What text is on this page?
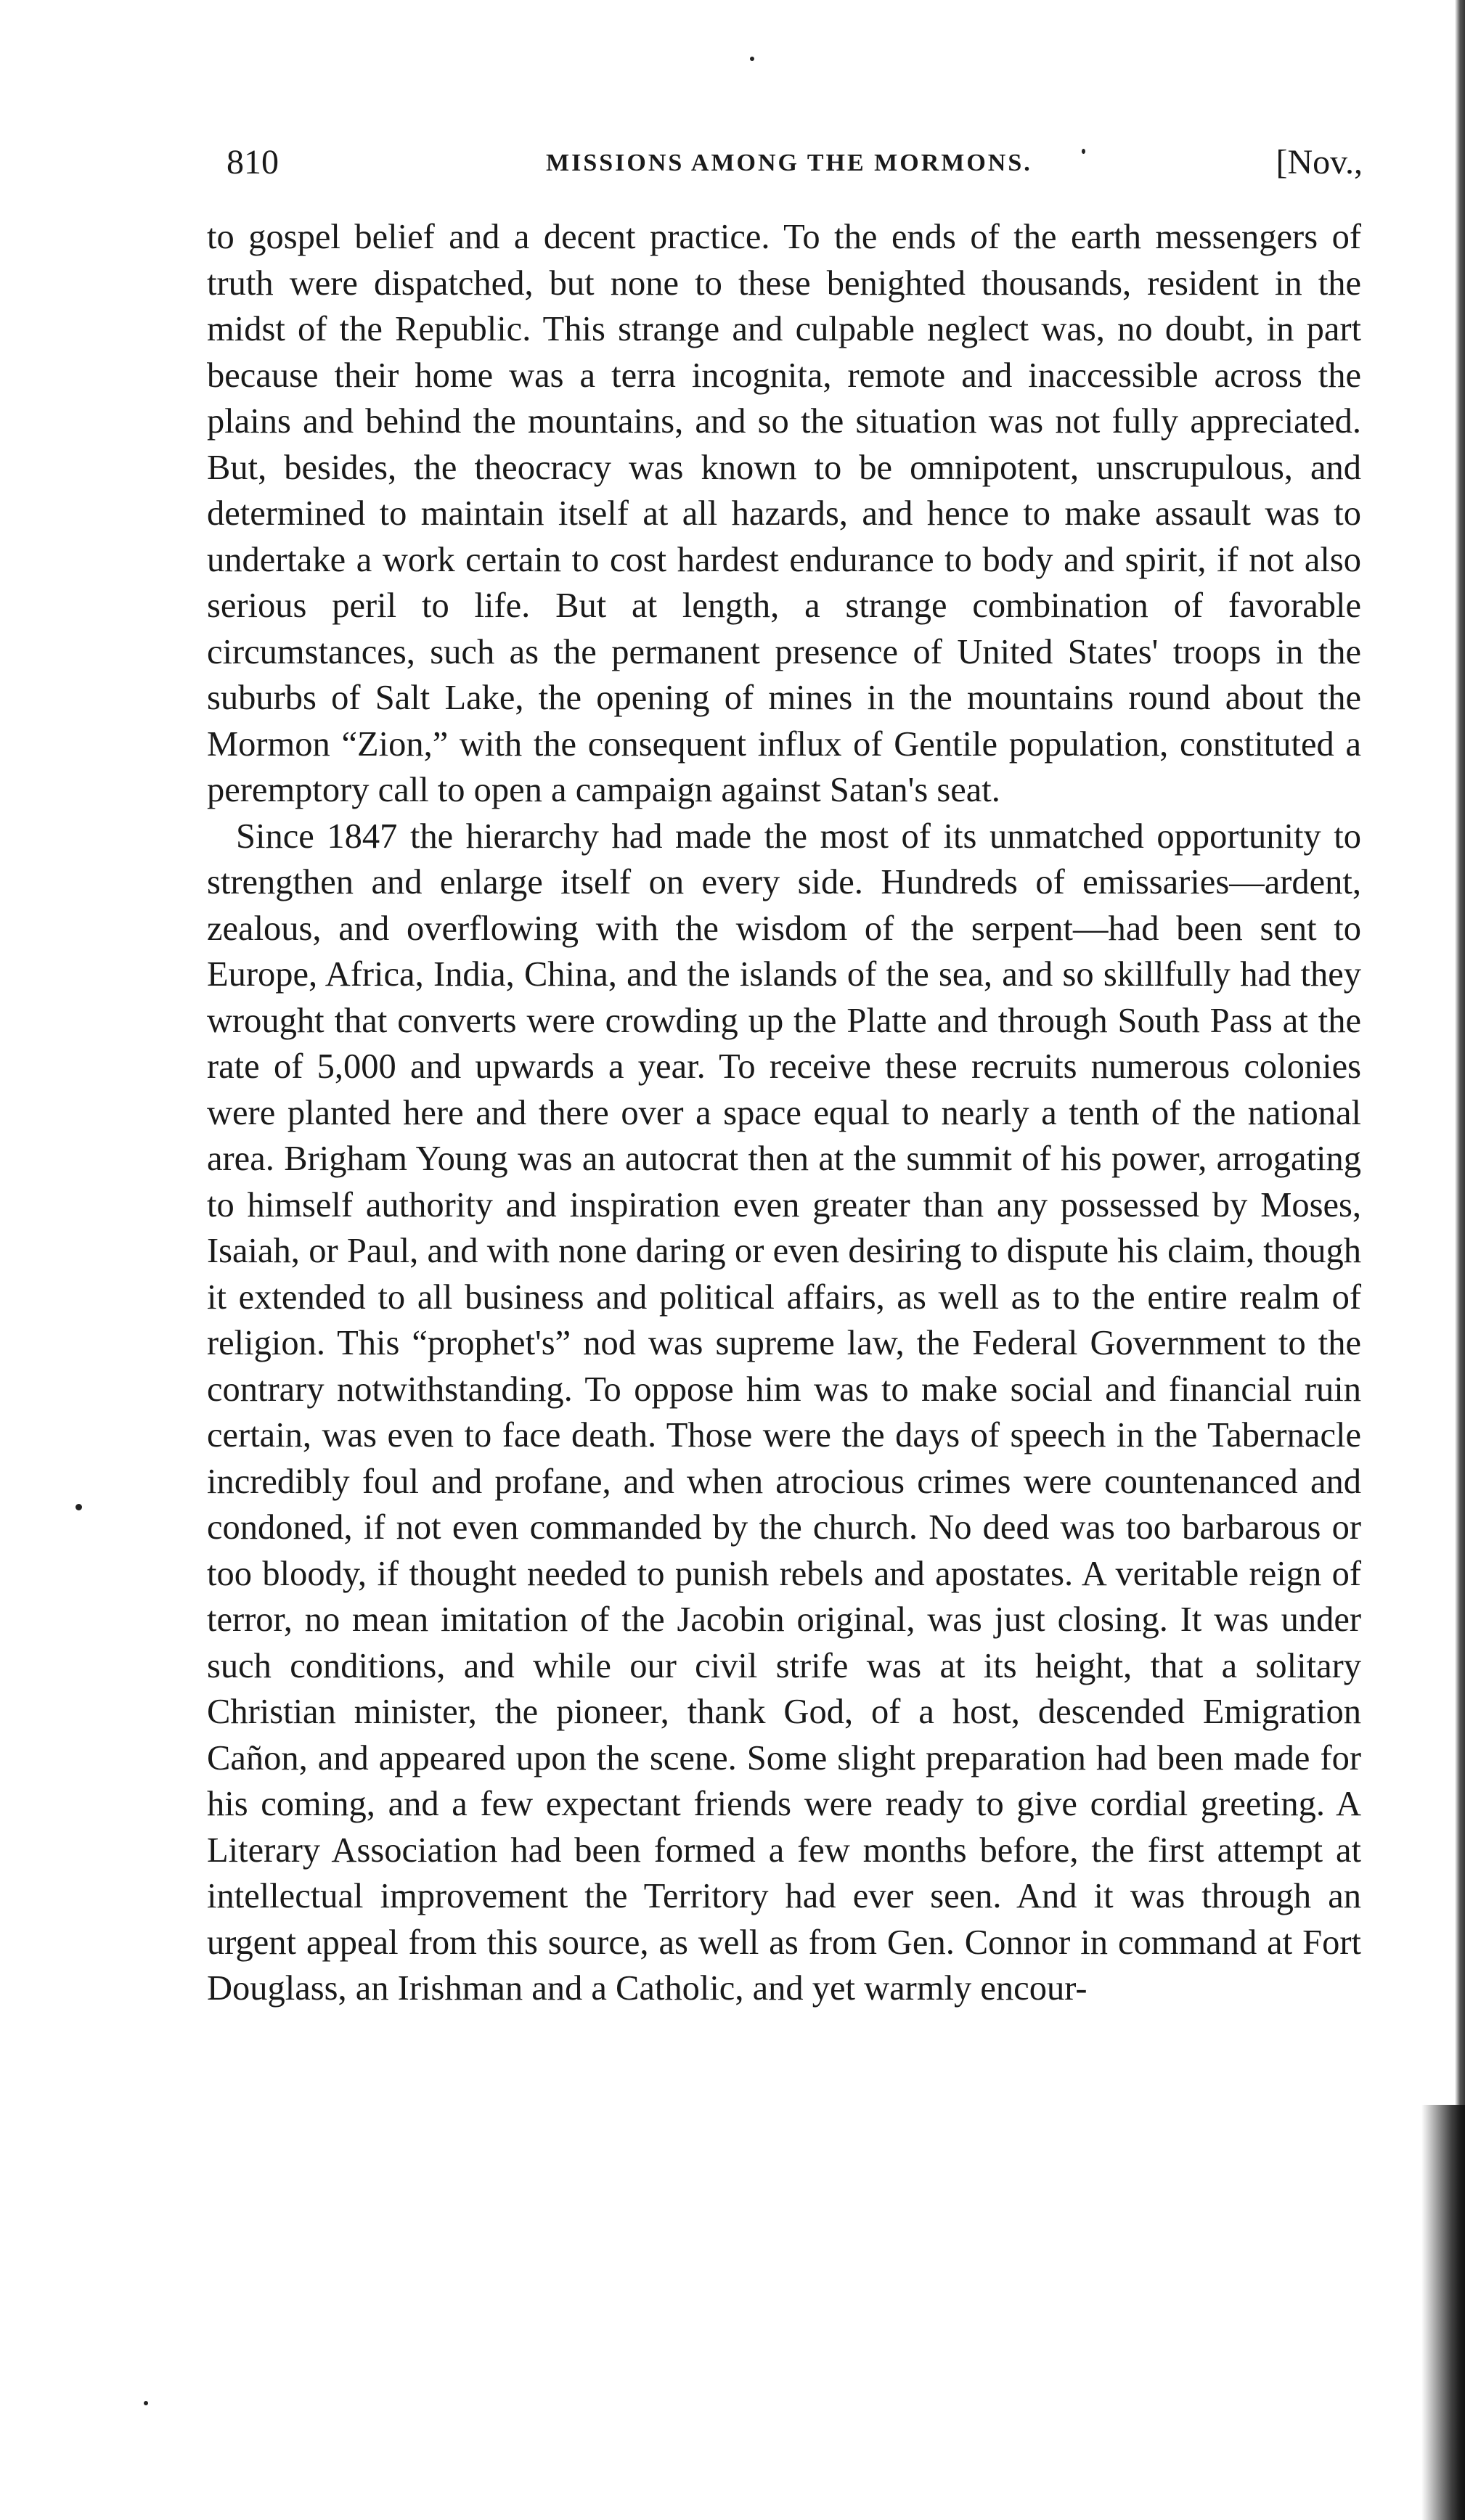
810	MISSIONS AMONG THE MORMONS.	[Nov.,

to gospel belief and a decent practice. To the ends of the earth messengers of truth were dispatched, but none to these benighted thousands, resident in the midst of the Republic. This strange and culpable neglect was, no doubt, in part because their home was a terra incognita, remote and inaccessible across the plains and behind the mountains, and so the situation was not fully appreciated. But, besides, the theocracy was known to be omnipotent, unscrupulous, and determined to maintain itself at all hazards, and hence to make assault was to undertake a work certain to cost hardest endurance to body and spirit, if not also serious peril to life. But at length, a strange combination of favorable circumstances, such as the permanent presence of United States' troops in the suburbs of Salt Lake, the opening of mines in the mountains round about the Mormon “Zion,” with the consequent influx of Gentile population, constituted a peremptory call to open a campaign against Satan's seat.

Since 1847 the hierarchy had made the most of its unmatched opportunity to strengthen and enlarge itself on every side. Hundreds of emissaries—ardent, zealous, and overflowing with the wisdom of the serpent—had been sent to Europe, Africa, India, China, and the islands of the sea, and so skillfully had they wrought that converts were crowding up the Platte and through South Pass at the rate of 5,000 and upwards a year. To receive these recruits numerous colonies were planted here and there over a space equal to nearly a tenth of the national area. Brigham Young was an autocrat then at the summit of his power, arrogating to himself authority and inspiration even greater than any possessed by Moses, Isaiah, or Paul, and with none daring or even desiring to dispute his claim, though it extended to all business and political affairs, as well as to the entire realm of religion. This “prophet's” nod was supreme law, the Federal Government to the contrary notwithstanding. To oppose him was to make social and financial ruin certain, was even to face death. Those were the days of speech in the Tabernacle incredibly foul and profane, and when atrocious crimes were countenanced and condoned, if not even commanded by the church. No deed was too barbarous or too bloody, if thought needed to punish rebels and apostates. A veritable reign of terror, no mean imitation of the Jacobin original, was just closing. It was under such conditions, and while our civil strife was at its height, that a solitary Christian minister, the pioneer, thank God, of a host, descended Emigration Cañon, and appeared upon the scene. Some slight preparation had been made for his coming, and a few expectant friends were ready to give cordial greeting. A Literary Association had been formed a few months before, the first attempt at intellectual improvement the Territory had ever seen. And it was through an urgent appeal from this source, as well as from Gen. Connor in command at Fort Douglass, an Irishman and a Catholic, and yet warmly encour-
